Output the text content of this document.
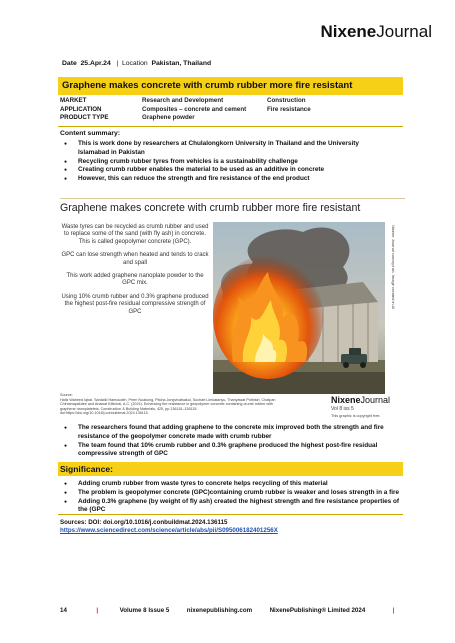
NixeneJournal
Date 25.Apr.24 | Location Pakistan, Thailand
Graphene makes concrete with crumb rubber more fire resistant
MARKET	Research and Development	Construction
APPLICATION	Composites – concrete and cement	Fire resistance
PRODUCT TYPE	Graphene powder
Content summary:
● This is work done by researchers at Chulalongkorn University in Thailand and the University Islamabad in Pakistan
● Recycling crumb rubber tyres from vehicles is a sustainability challenge
● Creating crumb rubber enables the material to be used as an additive in concrete
● However, this can reduce the strength and fire resistance of the end product
Graphene makes concrete with crumb rubber more fire resistant

Waste tyres can be recycled as crumb rubber and used to replace some of the sand (with fly ash) in concrete. This is called geopolymer concrete (GPC).

GPC can lose strength when heated and tends to crack and spall

This work added graphene nanoplate powder to the GPC mix.

Using 10% crumb rubber and 0.3% graphene produced the highest post-fire residual compressive strength of GPC

Nixene Journal concept art. Image created in AI
Source:
Hafiz Waheed Iqbal, Sardaiki Hamoudeh, Prem Nuakong, Pitcha Jongvivatsakul, Suchart Limkatanyu, Thanyawat Pothisiri, Chatpan
Chintanapakdee and Anawat Kittichai, A.C. (2024). Enhancing fire resistance in geopolymer concrete containing crumb rubber with
graphene nanoplatelets. Construction & Building Materials, 425, pp.136115–136115.
doi:https://doi.org/10.1016/j.conbuildmat.2024.136115.
NixeneJournal
Vol 8 iss 5
This graphic is copyright free.
● The researchers found that adding graphene to the concrete mix improved both the strength and fire resistance of the geopolymer concrete made with crumb rubber
● The team found that 10% crumb rubber and 0.3% graphene produced the highest post-fire residual compressive strength of GPC
Significance:
● Adding crumb rubber from waste tyres to concrete helps recycling of this material
● The problem is geopolymer concrete (GPC)containing crumb rubber is weaker and loses strength in a fire
● Adding 0.3% graphene (by weight of fly ash) created the highest strength and fire resistance properties of the (GPC
Sources: DOI: doi.org/10.1016/j.conbuildmat.2024.136115
https://www.sciencedirect.com/science/article/abs/pii/S095006182401256X
14	|	Volume 8 Issue 5	nixenepublishing.com	NixenePublishing® Limited 2024	|
